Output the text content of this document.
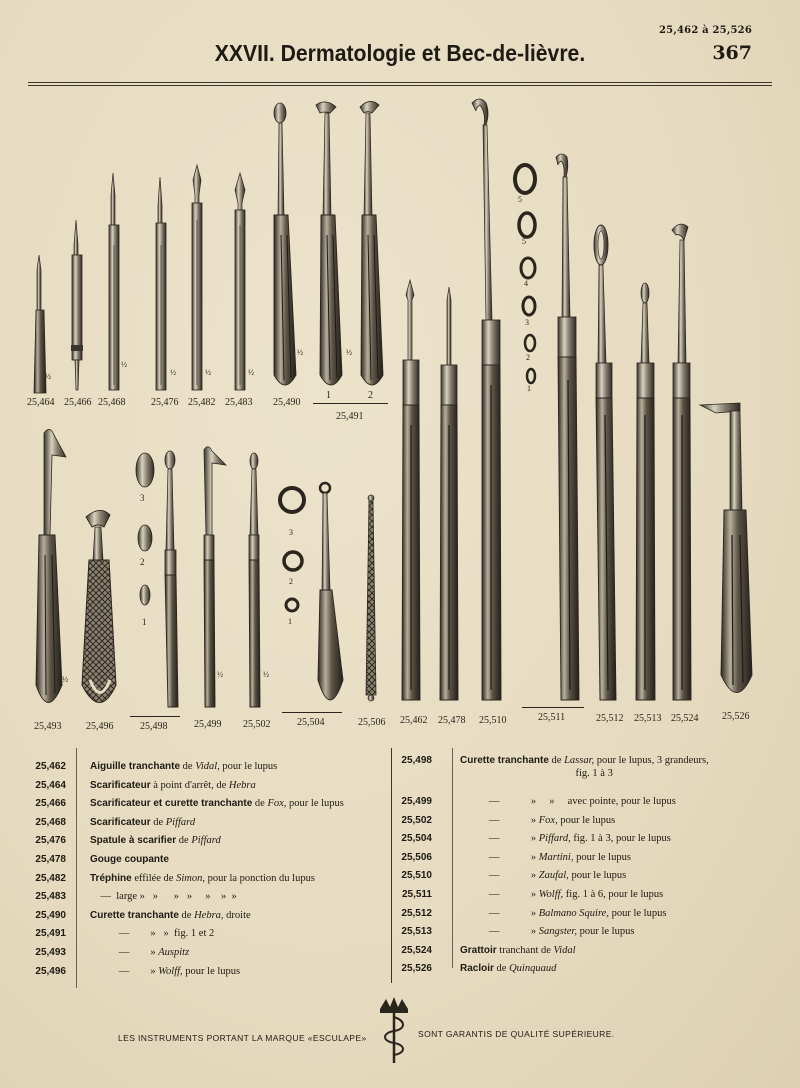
25,462 à 25,526
XXVII. Dermatologie et Bec-de-lièvre.	367
25,464 25,466 25,468	25,476 25,482 25,483 25,490
1	2
25,491
½
½
½	½	½
½	½
5
5
4
3
2
1
3
2
1
3
2
1
½
½	½
25,493 25,496	25,498	25,499 25,502	25,504	25,506 25,462 25,478 25,510	25,511	25,512 25,513 25,524 25,526
25,462 Aiguille tranchante de Vidal, pour le lupus
25,464 Scarificateur à point d'arrêt, de Hebra
25,466 Scarificateur et curette tranchante de Fox, pour le lupus
25,468 Scarificateur de Piffard
25,476 Spatule à scarifier de Piffard
25,478 Gouge coupante
25,482 Tréphine effilée de Simon, pour la ponction du lupus
25,483 —  large »   »      »   »     »    »  »
25,490 Curette tranchante de Hebra, droite
25,491 —        »   »  fig. 1 et 2
25,493 —        » Auspitz
25,496 —        » Wolff, pour le lupus
25,498	Curette tranchante de Lassar, pour le lupus, 3 grandeurs,
fig. 1 à 3
25,499	—            »     »     avec pointe, pour le lupus
25,502	—            » Fox, pour le lupus
25,504	—            » Piffard, fig. 1 à 3, pour le lupus
25,506	—            » Martini, pour le lupus
25,510	—            » Zaufal, pour le lupus
25,511	—            » Wolff, fig. 1 à 6, pour le lupus
25,512	—            » Balmano Squire, pour le lupus
25,513	—            » Sangster, pour le lupus
25,524	Grattoir tranchant de Vidal
25,526	Racloir de Quinquaud
LES INSTRUMENTS PORTANT LA MARQUE «ESCULAPE»	SONT GARANTIS DE QUALITÉ SUPÉRIEURE.
